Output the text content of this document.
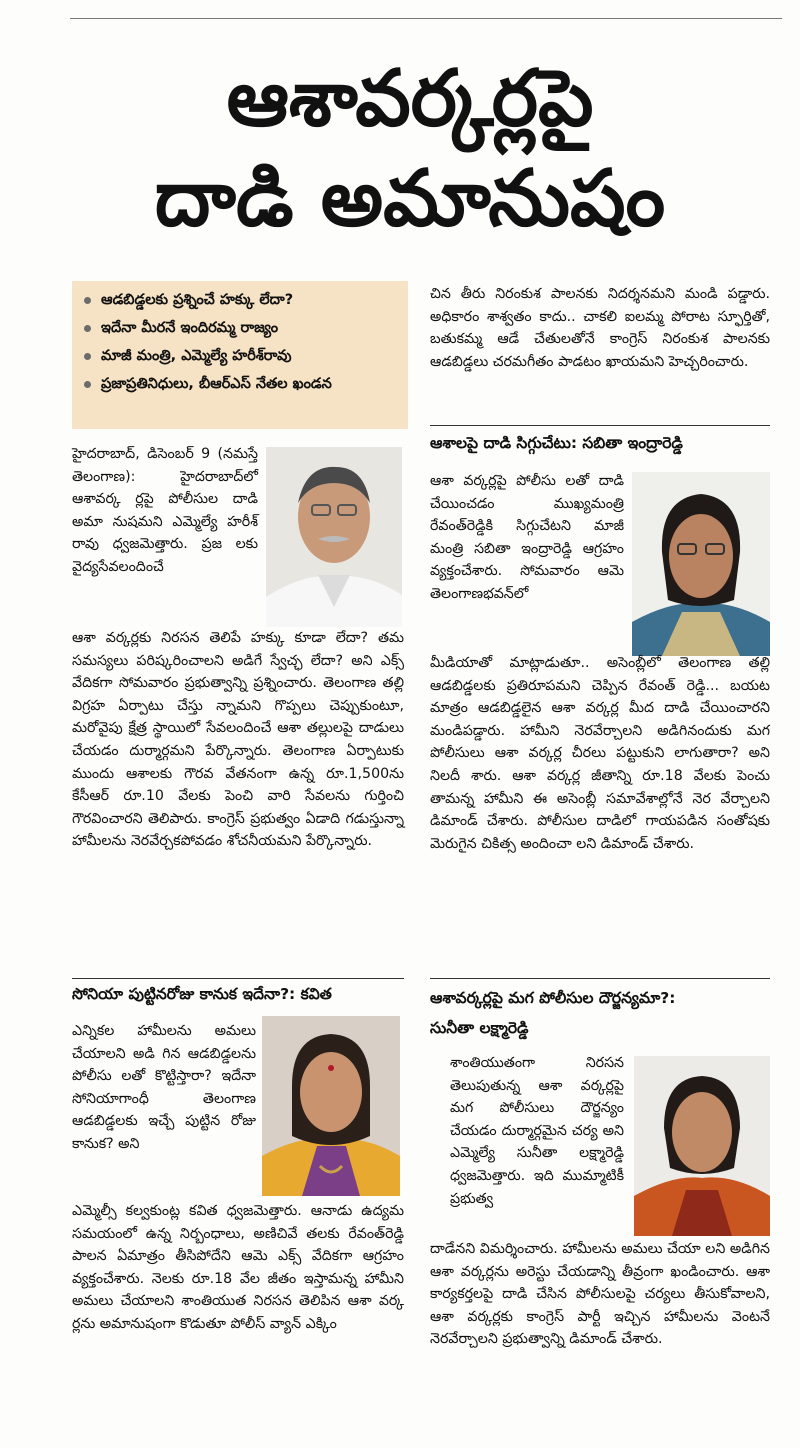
ఆశావర్కర్లపై
దాడి అమానుషం
ఆడబిడ్డలకు ప్రశ్నించే హక్కు లేదా?
ఇదేనా మీరనే ఇందిరమ్మ రాజ్యం
మాజీ మంత్రి, ఎమ్మెల్యే హరీశ్‌రావు
ప్రజాప్రతినిధులు, బీఆర్‌ఎస్‌ నేతల ఖండన
హైదరాబాద్‌, డిసెంబర్‌ 9 (నమస్తే తెలంగాణ): హైదరాబాద్‌లో ఆశావర్క ర్లపై పోలీసుల దాడి అమా నుషమని ఎమ్మెల్యే హరీశ్‌ రావు ధ్వజమెత్తారు. ప్రజ లకు వైద్యసేవలందించే
ఆశా వర్కర్లకు నిరసన తెలిపే హక్కు కూడా లేదా? తమ సమస్యలు పరిష్కరించాలని అడిగే స్వేచ్ఛ లేదా? అని ఎక్స్‌ వేదికగా సోమవారం ప్రభుత్వాన్ని ప్రశ్నించారు. తెలంగాణ తల్లి విగ్రహ ఏర్పాటు చేస్తు న్నామని గొప్పలు చెప్పుకుంటూ, మరోవైపు క్షేత్ర స్థాయిలో సేవలందించే ఆశా తల్లులపై దాడులు చేయడం దుర్మార్గమని పేర్కొన్నారు. తెలంగాణ ఏర్పాటుకు ముందు ఆశాలకు గౌరవ వేతనంగా ఉన్న రూ.1,500ను కేసీఆర్‌ రూ.10 వేలకు పెంచి వారి సేవలను గుర్తించి గౌరవించారని తెలిపారు. కాంగ్రెస్‌ ప్రభుత్వం ఏడాది గడుస్తున్నా హామీలను నెరవేర్చకపోవడం శోచనీయమని పేర్కొన్నారు.
సోనియా పుట్టినరోజు కానుక ఇదేనా?: కవిత
ఎన్నికల హామీలను అమలు చేయాలని అడి గిన ఆడబిడ్డలను పోలీసు లతో కొట్టిస్తారా? ఇదేనా సోనియాగాంధీ తెలంగాణ ఆడబిడ్డలకు ఇచ్చే పుట్టిన రోజు కానుక? అని
ఎమ్మెల్సీ కల్వకుంట్ల కవిత ధ్వజమెత్తారు. ఆనాడు ఉద్యమ సమయంలో ఉన్న నిర్బంధాలు, అణిచివే తలకు రేవంత్‌రెడ్డి పాలన ఏమాత్రం తీసిపోదేని ఆమె ఎక్స్‌ వేదికగా ఆగ్రహం వ్యక్తంచేశారు. నెలకు రూ.18 వేల జీతం ఇస్తామన్న హామీని అమలు చేయాలని శాంతియుత నిరసన తెలిపిన ఆశా వర్క ర్లను అమానుషంగా కొడుతూ పోలీస్‌ వ్యాన్‌ ఎక్కిం
చిన తీరు నిరంకుశ పాలనకు నిదర్శనమని మండి పడ్డారు. అధికారం శాశ్వతం కాదు.. చాకలి ఐలమ్మ పోరాట స్ఫూర్తితో, బతుకమ్మ ఆడే చేతులతోనే కాంగ్రెస్‌ నిరంకుశ పాలనకు ఆడబిడ్డలు చరమగీతం పాడటం ఖాయమని హెచ్చరించారు.
ఆశాలపై దాడి సిగ్గుచేటు: సబితా ఇంద్రారెడ్డి
ఆశా వర్కర్లపై పోలీసు లతో దాడి చేయించడం ముఖ్యమంత్రి రేవంత్‌రెడ్డికి సిగ్గుచేటని మాజీ మంత్రి సబితా ఇంద్రారెడ్డి ఆగ్రహం వ్యక్తంచేశారు. సోమవారం ఆమె తెలంగాణభవన్‌లో
మీడియాతో మాట్లాడుతూ.. అసెంబ్లీలో తెలంగాణ తల్లి ఆడబిడ్డలకు ప్రతిరూపమని చెప్పిన రేవంత్‌ రెడ్డి... బయట మాత్రం ఆడబిడ్డలైన ఆశా వర్కర్ల మీద దాడి చేయించారని మండిపడ్డారు. హామీని నెరవేర్చాలని అడిగినందుకు మగ పోలీసులు ఆశా వర్కర్ల చీరలు పట్టుకుని లాగుతారా? అని నిలదీ శారు. ఆశా వర్కర్ల జీతాన్ని రూ.18 వేలకు పెంచు తామన్న హామీని ఈ అసెంబ్లీ సమావేశాల్లోనే నెర వేర్చాలని డిమాండ్‌ చేశారు. పోలీసుల దాడిలో గాయపడిన సంతోషకు మెరుగైన చికిత్స అందించా లని డిమాండ్‌ చేశారు.
ఆశావర్కర్లపై మగ పోలీసుల దౌర్జన్యమా?: సునీతా లక్ష్మారెడ్డి
శాంతియుతంగా నిరసన తెలుపుతున్న ఆశా వర్కర్లపై మగ పోలీసులు దౌర్జన్యం చేయడం దుర్మార్గమైన చర్య అని ఎమ్మెల్యే సునీతా లక్ష్మారెడ్డి ధ్వజమెత్తారు. ఇది ముమ్మాటికీ ప్రభుత్వ
దాడేనని విమర్శించారు. హామీలను అమలు చేయా లని అడిగిన ఆశా వర్కర్లను అరెస్టు చేయడాన్ని తీవ్రంగా ఖండించారు. ఆశా కార్యకర్తలపై దాడి చేసిన పోలీసులపై చర్యలు తీసుకోవాలని, ఆశా వర్కర్లకు కాంగ్రెస్‌ పార్టీ ఇచ్చిన హామీలను వెంటనే నెరవేర్చాలని ప్రభుత్వాన్ని డిమాండ్‌ చేశారు.
